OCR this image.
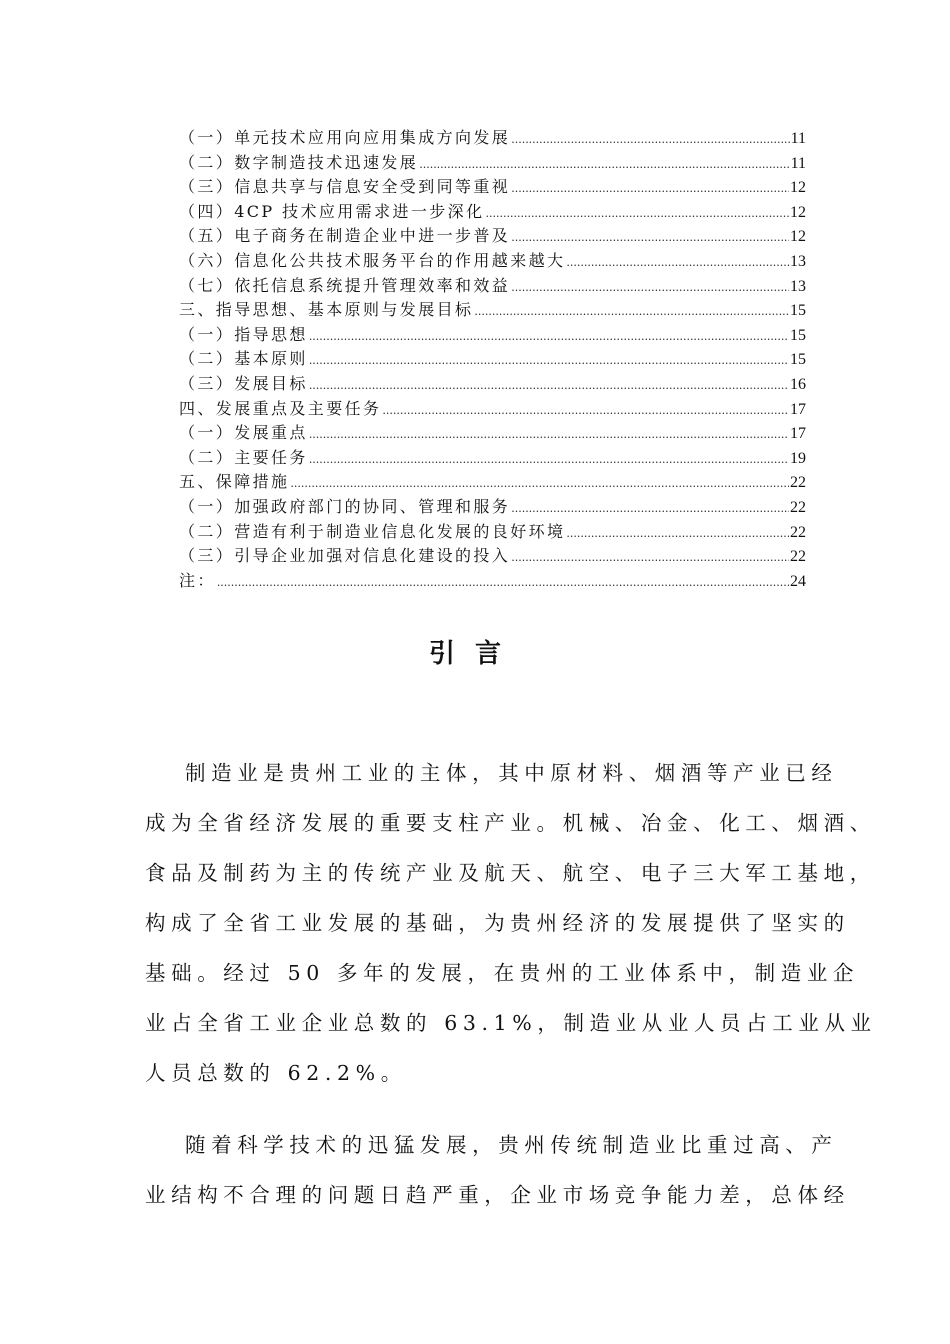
（一）单元技术应用向应用集成方向发展 .....	11
（二）数字制造技术迅速发展 .....	11
（三）信息共享与信息安全受到同等重视 .....	12
（四）4CP 技术应用需求进一步深化 .....	12
（五）电子商务在制造企业中进一步普及 .....	12
（六）信息化公共技术服务平台的作用越来越大 .....	13
（七）依托信息系统提升管理效率和效益 .....	13
三、指导思想、基本原则与发展目标 .....	15
（一）指导思想 .....	15
（二）基本原则 .....	15
（三）发展目标 .....	16
四、发展重点及主要任务 .....	17
（一）发展重点 .....	17
（二）主要任务 .....	19
五、保障措施 .....	22
（一）加强政府部门的协同、管理和服务 .....	22
（二）营造有利于制造业信息化发展的良好环境 .....	22
（三）引导企业加强对信息化建设的投入 .....	22
注： .....	24
引言
制造业是贵州工业的主体，其中原材料、烟酒等产业已经
成为全省经济发展的重要支柱产业。机械、冶金、化工、烟酒、
食品及制药为主的传统产业及航天、航空、电子三大军工基地，
构成了全省工业发展的基础，为贵州经济的发展提供了坚实的
基础。经过 50 多年的发展，在贵州的工业体系中，制造业企
业占全省工业企业总数的 63.1%，制造业从业人员占工业从业
人员总数的 62.2%。
随着科学技术的迅猛发展，贵州传统制造业比重过高、产
业结构不合理的问题日趋严重，企业市场竞争能力差，总体经
